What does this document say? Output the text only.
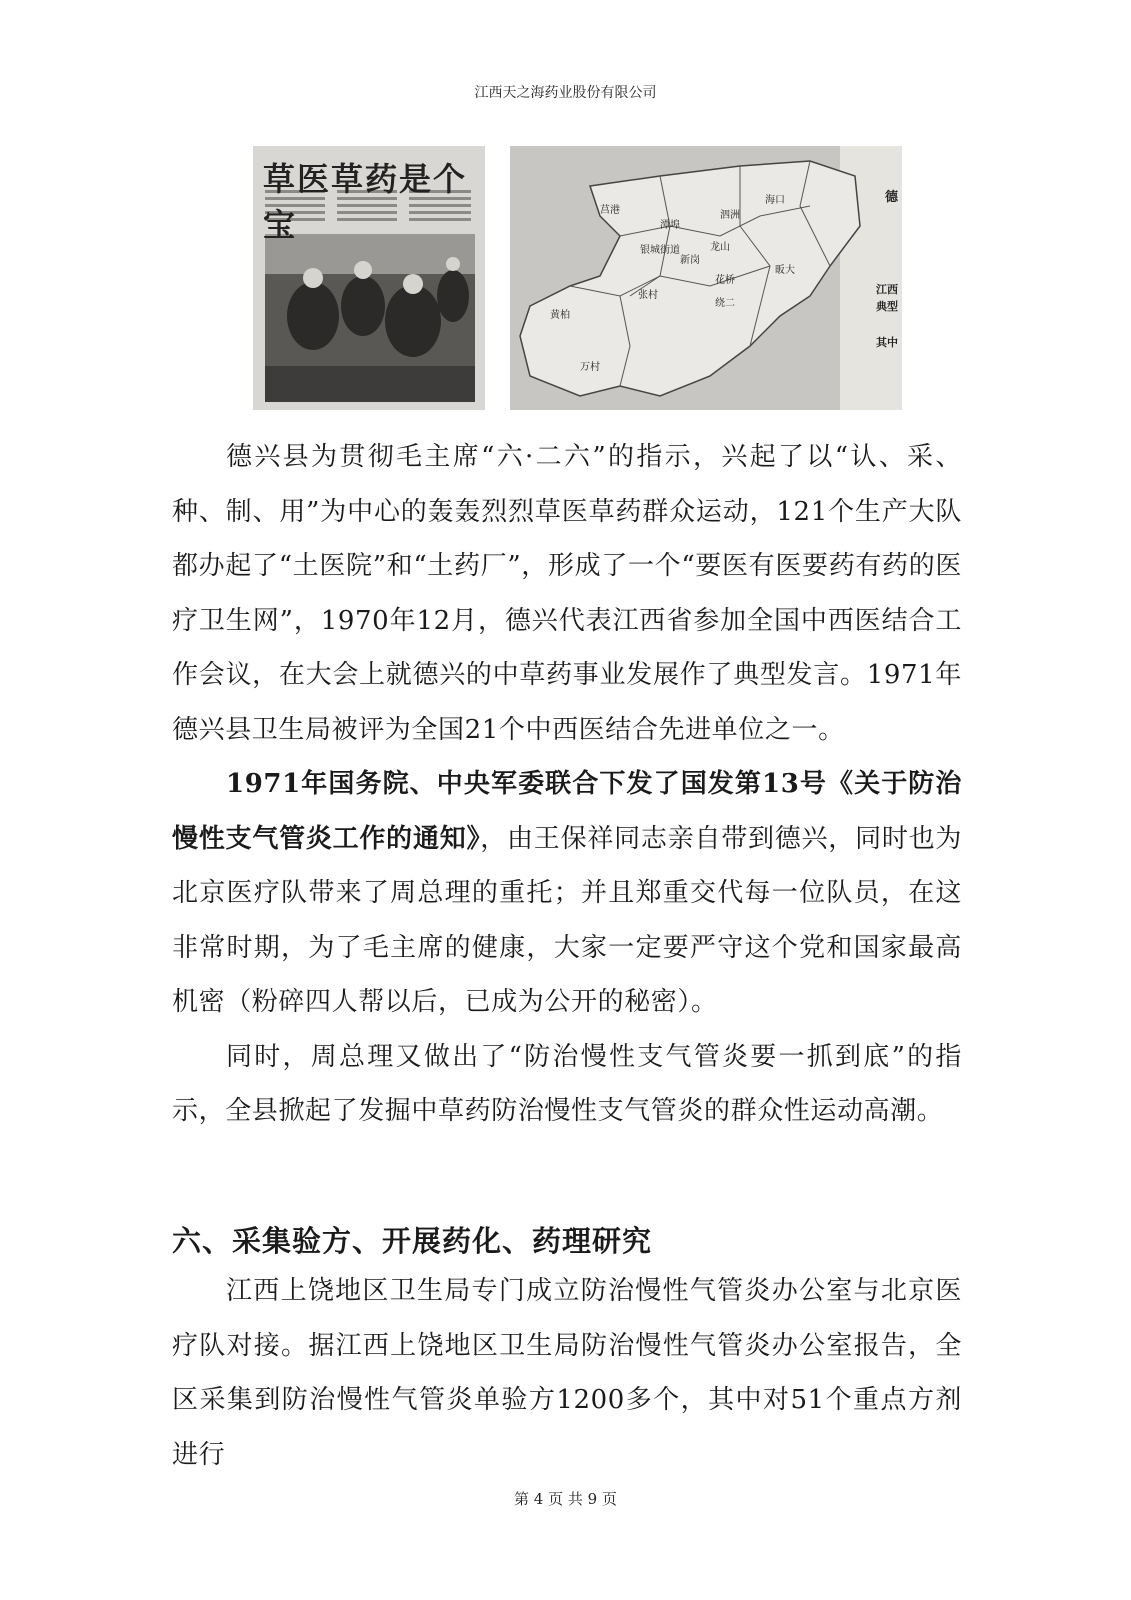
江西天之海药业股份有限公司
草医草药是个宝
德
江西
典型
其中
黄柏
万村
张村
绕二
新岗
潭埠
龙山
莒港
银城街道
泗洲
海口
花桥
昄大

德兴县为贯彻毛主席“六·二六”的指示，兴起了以“认、采、种、制、用”为中心的轰轰烈烈草医草药群众运动，121个生产大队都办起了“土医院”和“土药厂”，形成了一个“要医有医要药有药的医疗卫生网”，1970年12月，德兴代表江西省参加全国中西医结合工作会议，在大会上就德兴的中草药事业发展作了典型发言。1971年德兴县卫生局被评为全国21个中西医结合先进单位之一。

1971年国务院、中央军委联合下发了国发第13号《关于防治慢性支气管炎工作的通知》，由王保祥同志亲自带到德兴，同时也为北京医疗队带来了周总理的重托；并且郑重交代每一位队员，在这非常时期，为了毛主席的健康，大家一定要严守这个党和国家最高机密（粉碎四人帮以后，已成为公开的秘密）。

同时，周总理又做出了“防治慢性支气管炎要一抓到底”的指示，全县掀起了发掘中草药防治慢性支气管炎的群众性运动高潮。

六、采集验方、开展药化、药理研究

江西上饶地区卫生局专门成立防治慢性气管炎办公室与北京医疗队对接。据江西上饶地区卫生局防治慢性气管炎办公室报告，全区采集到防治慢性气管炎单验方1200多个，其中对51个重点方剂进行

第 4 页 共 9 页
